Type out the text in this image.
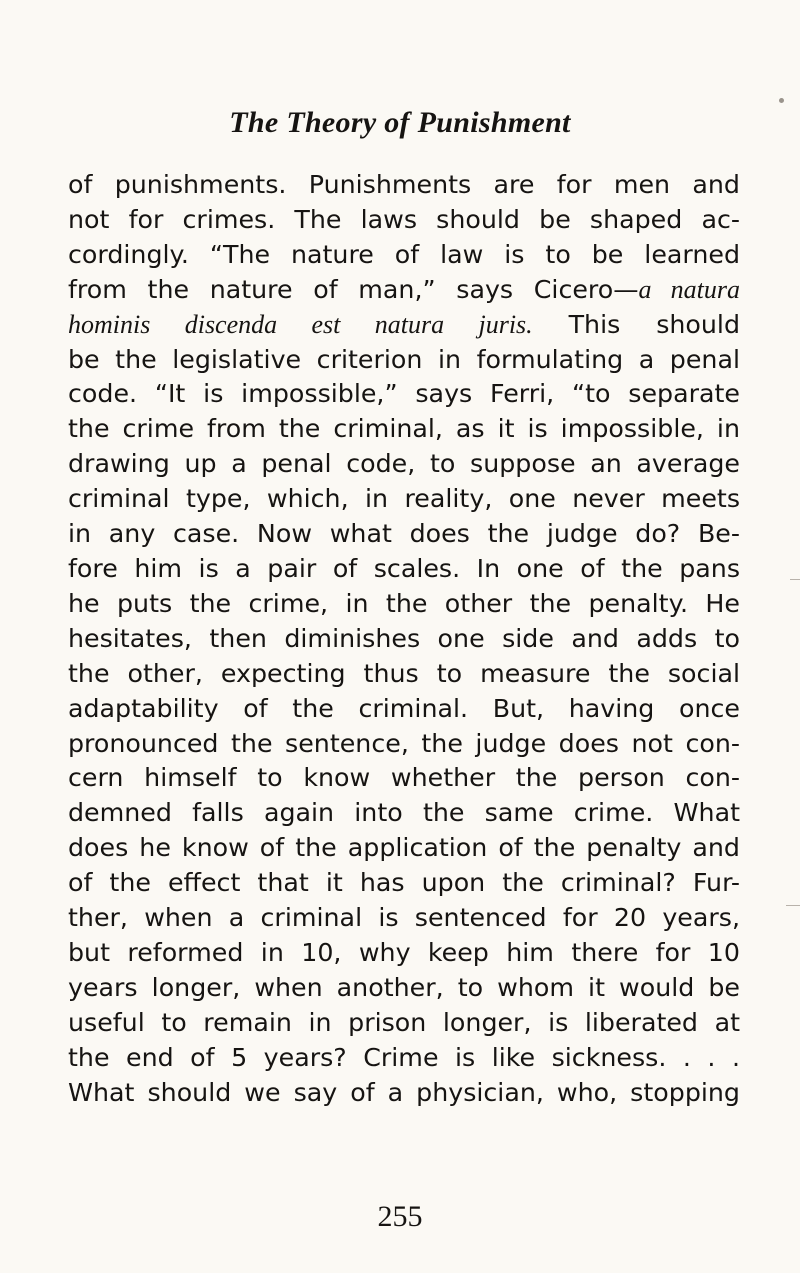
The Theory of Punishment
of punishments. Punishments are for men and
not for crimes. The laws should be shaped ac-
cordingly. “The nature of law is to be learned
from the nature of man,” says Cicero—a natura
hominis discenda est natura juris. This should
be the legislative criterion in formulating a penal
code. “It is impossible,” says Ferri, “to separate
the crime from the criminal, as it is impossible, in
drawing up a penal code, to suppose an average
criminal type, which, in reality, one never meets
in any case. Now what does the judge do? Be-
fore him is a pair of scales. In one of the pans
he puts the crime, in the other the penalty. He
hesitates, then diminishes one side and adds to
the other, expecting thus to measure the social
adaptability of the criminal. But, having once
pronounced the sentence, the judge does not con-
cern himself to know whether the person con-
demned falls again into the same crime. What
does he know of the application of the penalty and
of the effect that it has upon the criminal? Fur-
ther, when a criminal is sentenced for 20 years,
but reformed in 10, why keep him there for 10
years longer, when another, to whom it would be
useful to remain in prison longer, is liberated at
the end of 5 years? Crime is like sickness. . . .
What should we say of a physician, who, stopping
255
